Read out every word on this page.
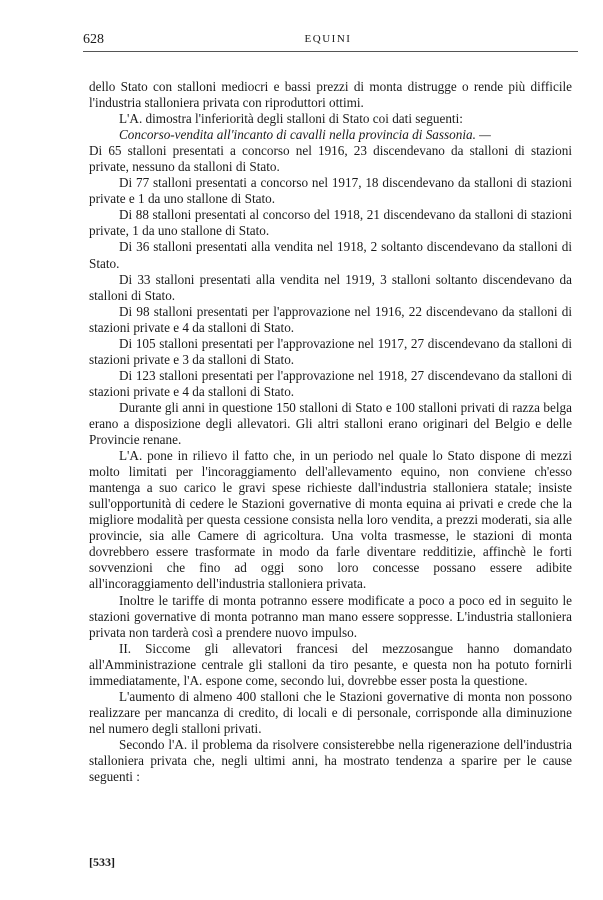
628	EQUINI

dello Stato con stalloni mediocri e bassi prezzi di monta distrugge o rende più difficile l'industria stalloniera privata con riproduttori ottimi.

L'A. dimostra l'inferiorità degli stalloni di Stato coi dati seguenti:

Concorso-vendita all'incanto di cavalli nella provincia di Sassonia. —

Di 65 stalloni presentati a concorso nel 1916, 23 discendevano da stalloni di stazioni private, nessuno da stalloni di Stato.

Di 77 stalloni presentati a concorso nel 1917, 18 discendevano da stalloni di stazioni private e 1 da uno stallone di Stato.

Di 88 stalloni presentati al concorso del 1918, 21 discendevano da stalloni di stazioni private, 1 da uno stallone di Stato.

Di 36 stalloni presentati alla vendita nel 1918, 2 soltanto discendevano da stalloni di Stato.

Di 33 stalloni presentati alla vendita nel 1919, 3 stalloni soltanto discendevano da stalloni di Stato.

Di 98 stalloni presentati per l'approvazione nel 1916, 22 discendevano da stalloni di stazioni private e 4 da stalloni di Stato.

Di 105 stalloni presentati per l'approvazione nel 1917, 27 discendevano da stalloni di stazioni private e 3 da stalloni di Stato.

Di 123 stalloni presentati per l'approvazione nel 1918, 27 discendevano da stalloni di stazioni private e 4 da stalloni di Stato.

Durante gli anni in questione 150 stalloni di Stato e 100 stalloni privati di razza belga erano a disposizione degli allevatori. Gli altri stalloni erano originari del Belgio e delle Provincie renane.

L'A. pone in rilievo il fatto che, in un periodo nel quale lo Stato dispone di mezzi molto limitati per l'incoraggiamento dell'allevamento equino, non conviene ch'esso mantenga a suo carico le gravi spese richieste dall'industria stalloniera statale; insiste sull'opportunità di cedere le Stazioni governative di monta equina ai privati e crede che la migliore modalità per questa cessione consista nella loro vendita, a prezzi moderati, sia alle provincie, sia alle Camere di agricoltura. Una volta trasmesse, le stazioni di monta dovrebbero essere trasformate in modo da farle diventare redditizie, affinchè le forti sovvenzioni che fino ad oggi sono loro concesse possano essere adibite all'incoraggiamento dell'industria stalloniera privata.

Inoltre le tariffe di monta potranno essere modificate a poco a poco ed in seguito le stazioni governative di monta potranno man mano essere soppresse. L'industria stalloniera privata non tarderà così a prendere nuovo impulso.

II. Siccome gli allevatori francesi del mezzosangue hanno domandato all'Amministrazione centrale gli stalloni da tiro pesante, e questa non ha potuto fornirli immediatamente, l'A. espone come, secondo lui, dovrebbe esser posta la questione.

L'aumento di almeno 400 stalloni che le Stazioni governative di monta non possono realizzare per mancanza di credito, di locali e di personale, corrisponde alla diminuzione nel numero degli stalloni privati.

Secondo l'A. il problema da risolvere consisterebbe nella rigenerazione dell'industria stalloniera privata che, negli ultimi anni, ha mostrato tendenza a sparire per le cause seguenti :

[533]
